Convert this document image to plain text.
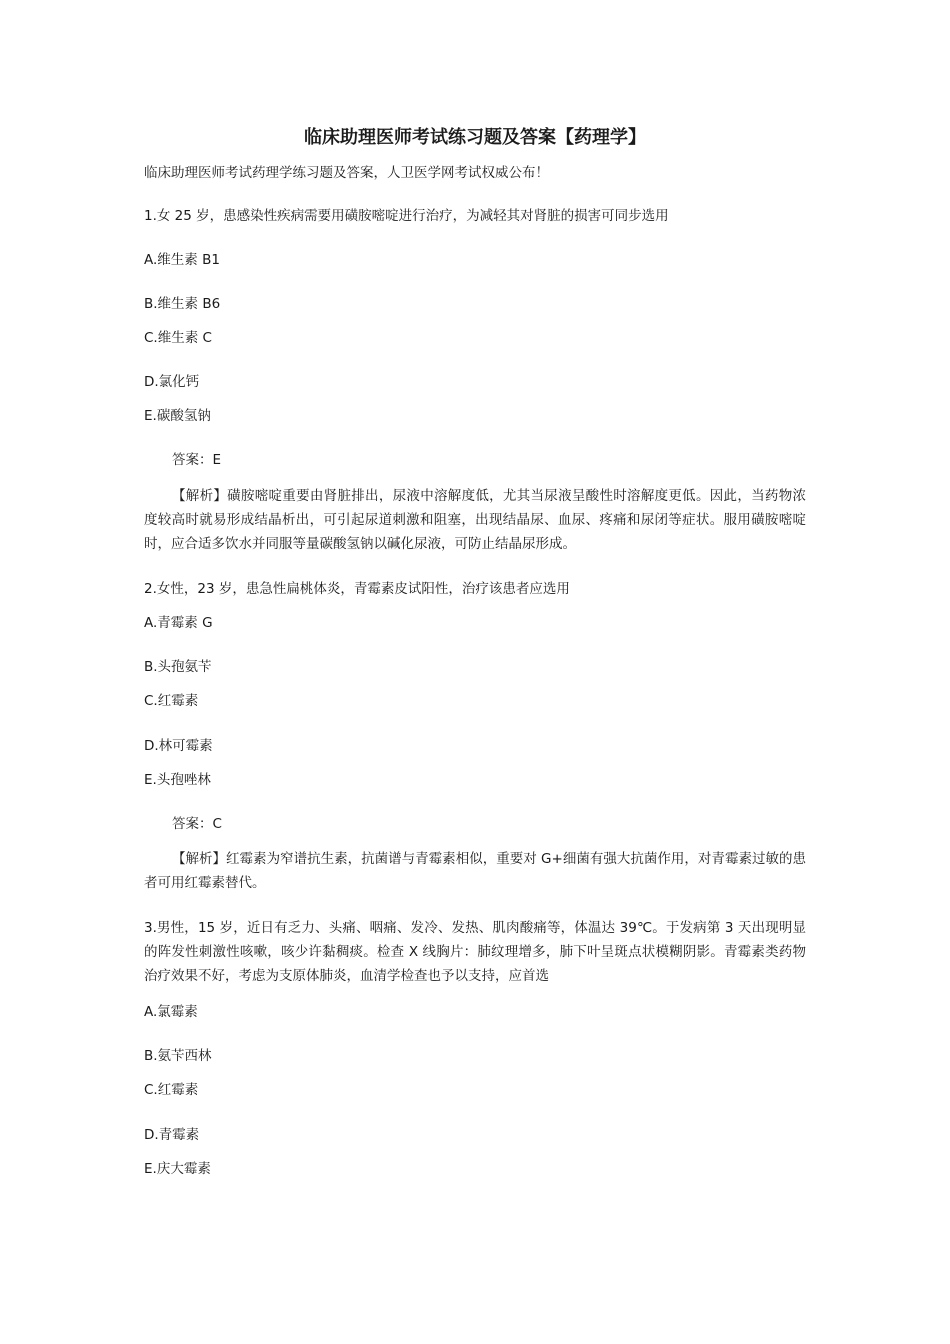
临床助理医师考试练习题及答案【药理学】
临床助理医师考试药理学练习题及答案，人卫医学网考试权威公布！
1.女 25 岁，患感染性疾病需要用磺胺嘧啶进行治疗，为减轻其对肾脏的损害可同步选用
A.维生素 B1
B.维生素 B6
C.维生素 C
D.氯化钙
E.碳酸氢钠
答案：E
【解析】磺胺嘧啶重要由肾脏排出，尿液中溶解度低，尤其当尿液呈酸性时溶解度更低。因此，当药物浓度较高时就易形成结晶析出，可引起尿道刺激和阻塞，出现结晶尿、血尿、疼痛和尿闭等症状。服用磺胺嘧啶时，应合适多饮水并同服等量碳酸氢钠以碱化尿液，可防止结晶尿形成。
2.女性，23 岁，患急性扁桃体炎，青霉素皮试阳性，治疗该患者应选用
A.青霉素 G
B.头孢氨苄
C.红霉素
D.林可霉素
E.头孢唑林
答案：C
【解析】红霉素为窄谱抗生素，抗菌谱与青霉素相似，重要对 G+细菌有强大抗菌作用，对青霉素过敏的患者可用红霉素替代。
3.男性，15 岁，近日有乏力、头痛、咽痛、发冷、发热、肌肉酸痛等，体温达 39℃。于发病第 3 天出现明显的阵发性刺激性咳嗽，咳少许黏稠痰。检查 X 线胸片：肺纹理增多，肺下叶呈斑点状模糊阴影。青霉素类药物治疗效果不好，考虑为支原体肺炎，血清学检查也予以支持，应首选
A.氯霉素
B.氨苄西林
C.红霉素
D.青霉素
E.庆大霉素
